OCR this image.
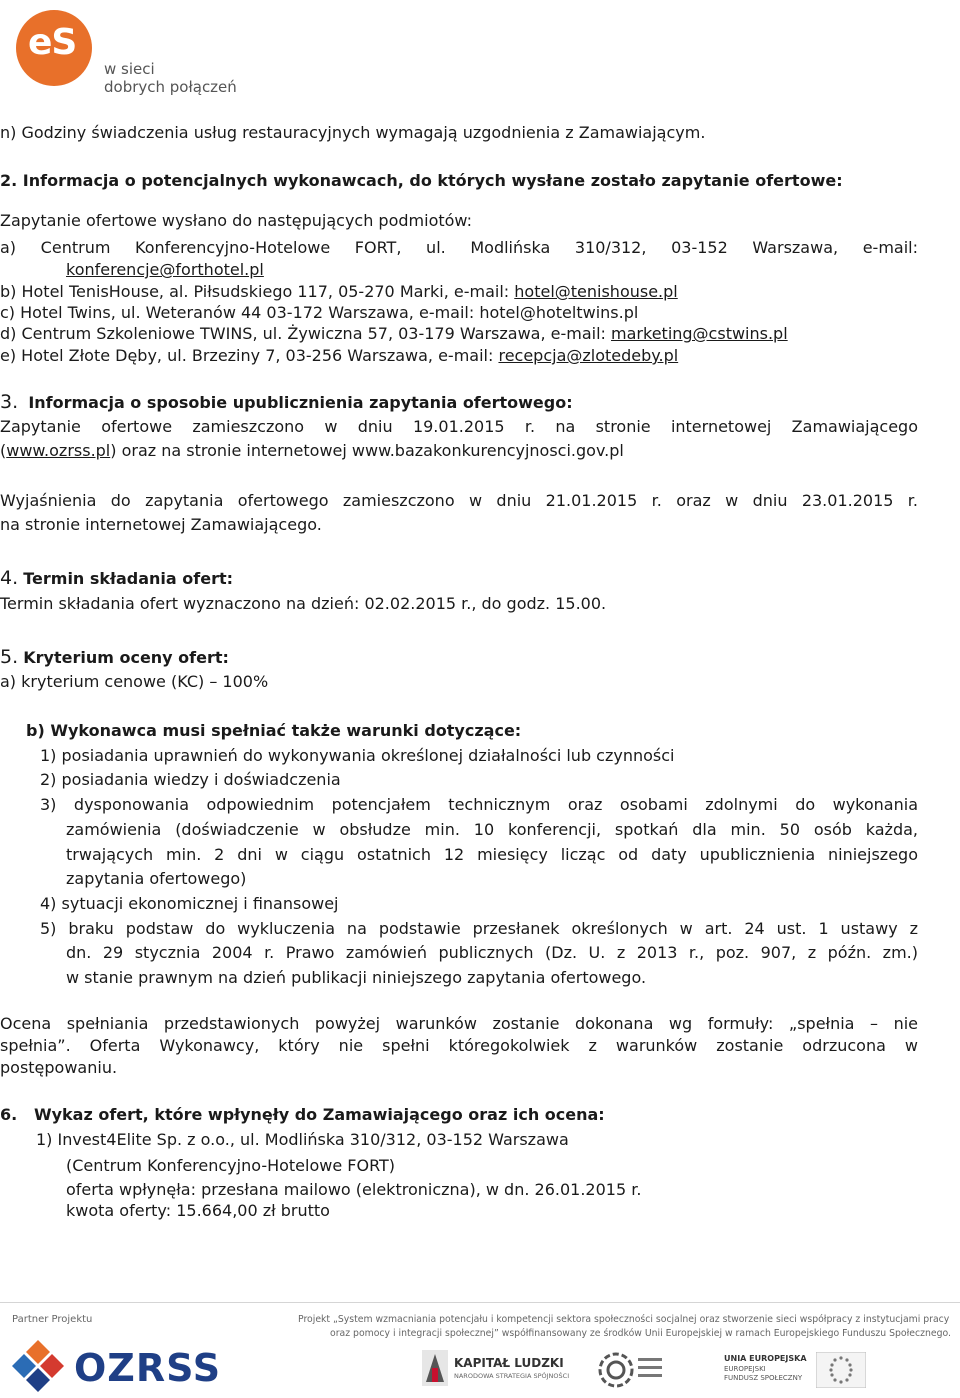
eS
w sieci
dobrych połączeń
n) Godziny świadczenia usług restauracyjnych wymagają uzgodnienia z Zamawiającym.
2. Informacja o potencjalnych wykonawcach, do których wysłane zostało zapytanie ofertowe:
Zapytanie ofertowe wysłano do następujących podmiotów:
a) Centrum Konferencyjno-Hotelowe FORT, ul. Modlińska 310/312, 03-152 Warszawa, e-mail:
konferencje@forthotel.pl
b) Hotel TenisHouse, al. Piłsudskiego 117, 05-270 Marki, e-mail: hotel@tenishouse.pl
c) Hotel Twins, ul. Weteranów 44 03-172 Warszawa, e-mail: hotel@hoteltwins.pl
d) Centrum Szkoleniowe TWINS, ul. Żywiczna 57, 03-179 Warszawa, e-mail: marketing@cstwins.pl
e) Hotel Złote Dęby, ul. Brzeziny 7, 03-256 Warszawa, e-mail: recepcja@zlotedeby.pl
3. Informacja o sposobie upublicznienia zapytania ofertowego:
Zapytanie ofertowe zamieszczono w dniu 19.01.2015 r. na stronie internetowej Zamawiającego
(www.ozrss.pl) oraz na stronie internetowej www.bazakonkurencyjnosci.gov.pl
Wyjaśnienia do zapytania ofertowego zamieszczono w dniu 21.01.2015 r. oraz w dniu 23.01.2015 r.
na stronie internetowej Zamawiającego.
4. Termin składania ofert:
Termin składania ofert wyznaczono na dzień: 02.02.2015 r., do godz. 15.00.
5. Kryterium oceny ofert:
a) kryterium cenowe (KC) – 100%
b) Wykonawca musi spełniać także warunki dotyczące:
1) posiadania uprawnień do wykonywania określonej działalności lub czynności
2) posiadania wiedzy i doświadczenia
3) dysponowania odpowiednim potencjałem technicznym oraz osobami zdolnymi do wykonania
zamówienia (doświadczenie w obsłudze min. 10 konferencji, spotkań dla min. 50 osób każda,
trwających min. 2 dni w ciągu ostatnich 12 miesięcy licząc od daty upublicznienia niniejszego
zapytania ofertowego)
4) sytuacji ekonomicznej i finansowej
5) braku podstaw do wykluczenia na podstawie przesłanek określonych w art. 24 ust. 1 ustawy z
dn. 29 stycznia 2004 r. Prawo zamówień publicznych (Dz. U. z 2013 r., poz. 907, z późn. zm.)
w stanie prawnym na dzień publikacji niniejszego zapytania ofertowego.
Ocena spełniania przedstawionych powyżej warunków zostanie dokonana wg formuły: „spełnia – nie
spełnia”. Oferta Wykonawcy, który nie spełni któregokolwiek z warunków zostanie odrzucona w
postępowaniu.
6. Wykaz ofert, które wpłynęły do Zamawiającego oraz ich ocena:
1) Invest4Elite Sp. z o.o., ul. Modlińska 310/312, 03-152 Warszawa
(Centrum Konferencyjno-Hotelowe FORT)
oferta wpłynęła: przesłana mailowo (elektroniczna), w dn. 26.01.2015 r.
kwota oferty: 15.664,00 zł brutto
Partner Projektu	Projekt „System wzmacniania potencjału i kompetencji sektora społeczności socjalnej oraz stworzenie sieci współpracy z instytucjami pracy
oraz pomocy i integracji społecznej” współfinansowany ze środków Unii Europejskiej w ramach Europejskiego Funduszu Społecznego.
OZRSS	KAPITAŁ LUDZKI
NARODOWA STRATEGIA SPÓJNOŚCI
UNIA EUROPEJSKA
EUROPEJSKI
FUNDUSZ SPOŁECZNY
